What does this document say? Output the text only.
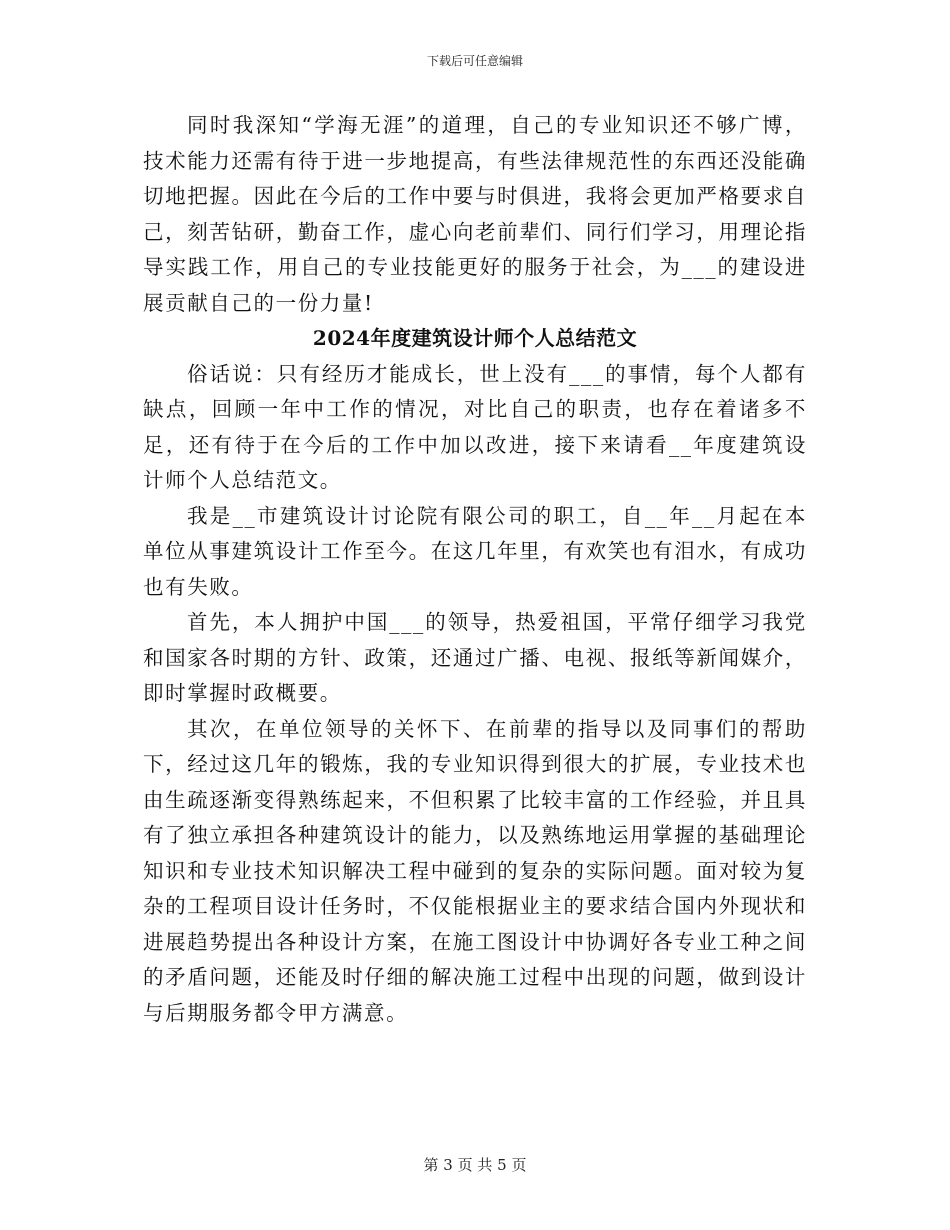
下载后可任意编辑

同时我深知“学海无涯”的道理，自己的专业知识还不够广博，技术能力还需有待于进一步地提高，有些法律规范性的东西还没能确切地把握。因此在今后的工作中要与时俱进，我将会更加严格要求自己，刻苦钻研，勤奋工作，虚心向老前辈们、同行们学习，用理论指导实践工作，用自己的专业技能更好的服务于社会，为___的建设进展贡献自己的一份力量!

2024年度建筑设计师个人总结范文

俗话说：只有经历才能成长，世上没有___的事情，每个人都有缺点，回顾一年中工作的情况，对比自己的职责，也存在着诸多不足，还有待于在今后的工作中加以改进，接下来请看__年度建筑设计师个人总结范文。

我是__市建筑设计讨论院有限公司的职工，自__年__月起在本单位从事建筑设计工作至今。在这几年里，有欢笑也有泪水，有成功也有失败。

首先，本人拥护中国___的领导，热爱祖国，平常仔细学习我党和国家各时期的方针、政策，还通过广播、电视、报纸等新闻媒介，即时掌握时政概要。

其次，在单位领导的关怀下、在前辈的指导以及同事们的帮助下，经过这几年的锻炼，我的专业知识得到很大的扩展，专业技术也由生疏逐渐变得熟练起来，不但积累了比较丰富的工作经验，并且具有了独立承担各种建筑设计的能力，以及熟练地运用掌握的基础理论知识和专业技术知识解决工程中碰到的复杂的实际问题。面对较为复杂的工程项目设计任务时，不仅能根据业主的要求结合国内外现状和进展趋势提出各种设计方案，在施工图设计中协调好各专业工种之间的矛盾问题，还能及时仔细的解决施工过程中出现的问题，做到设计与后期服务都令甲方满意。

第 3 页 共 5 页
